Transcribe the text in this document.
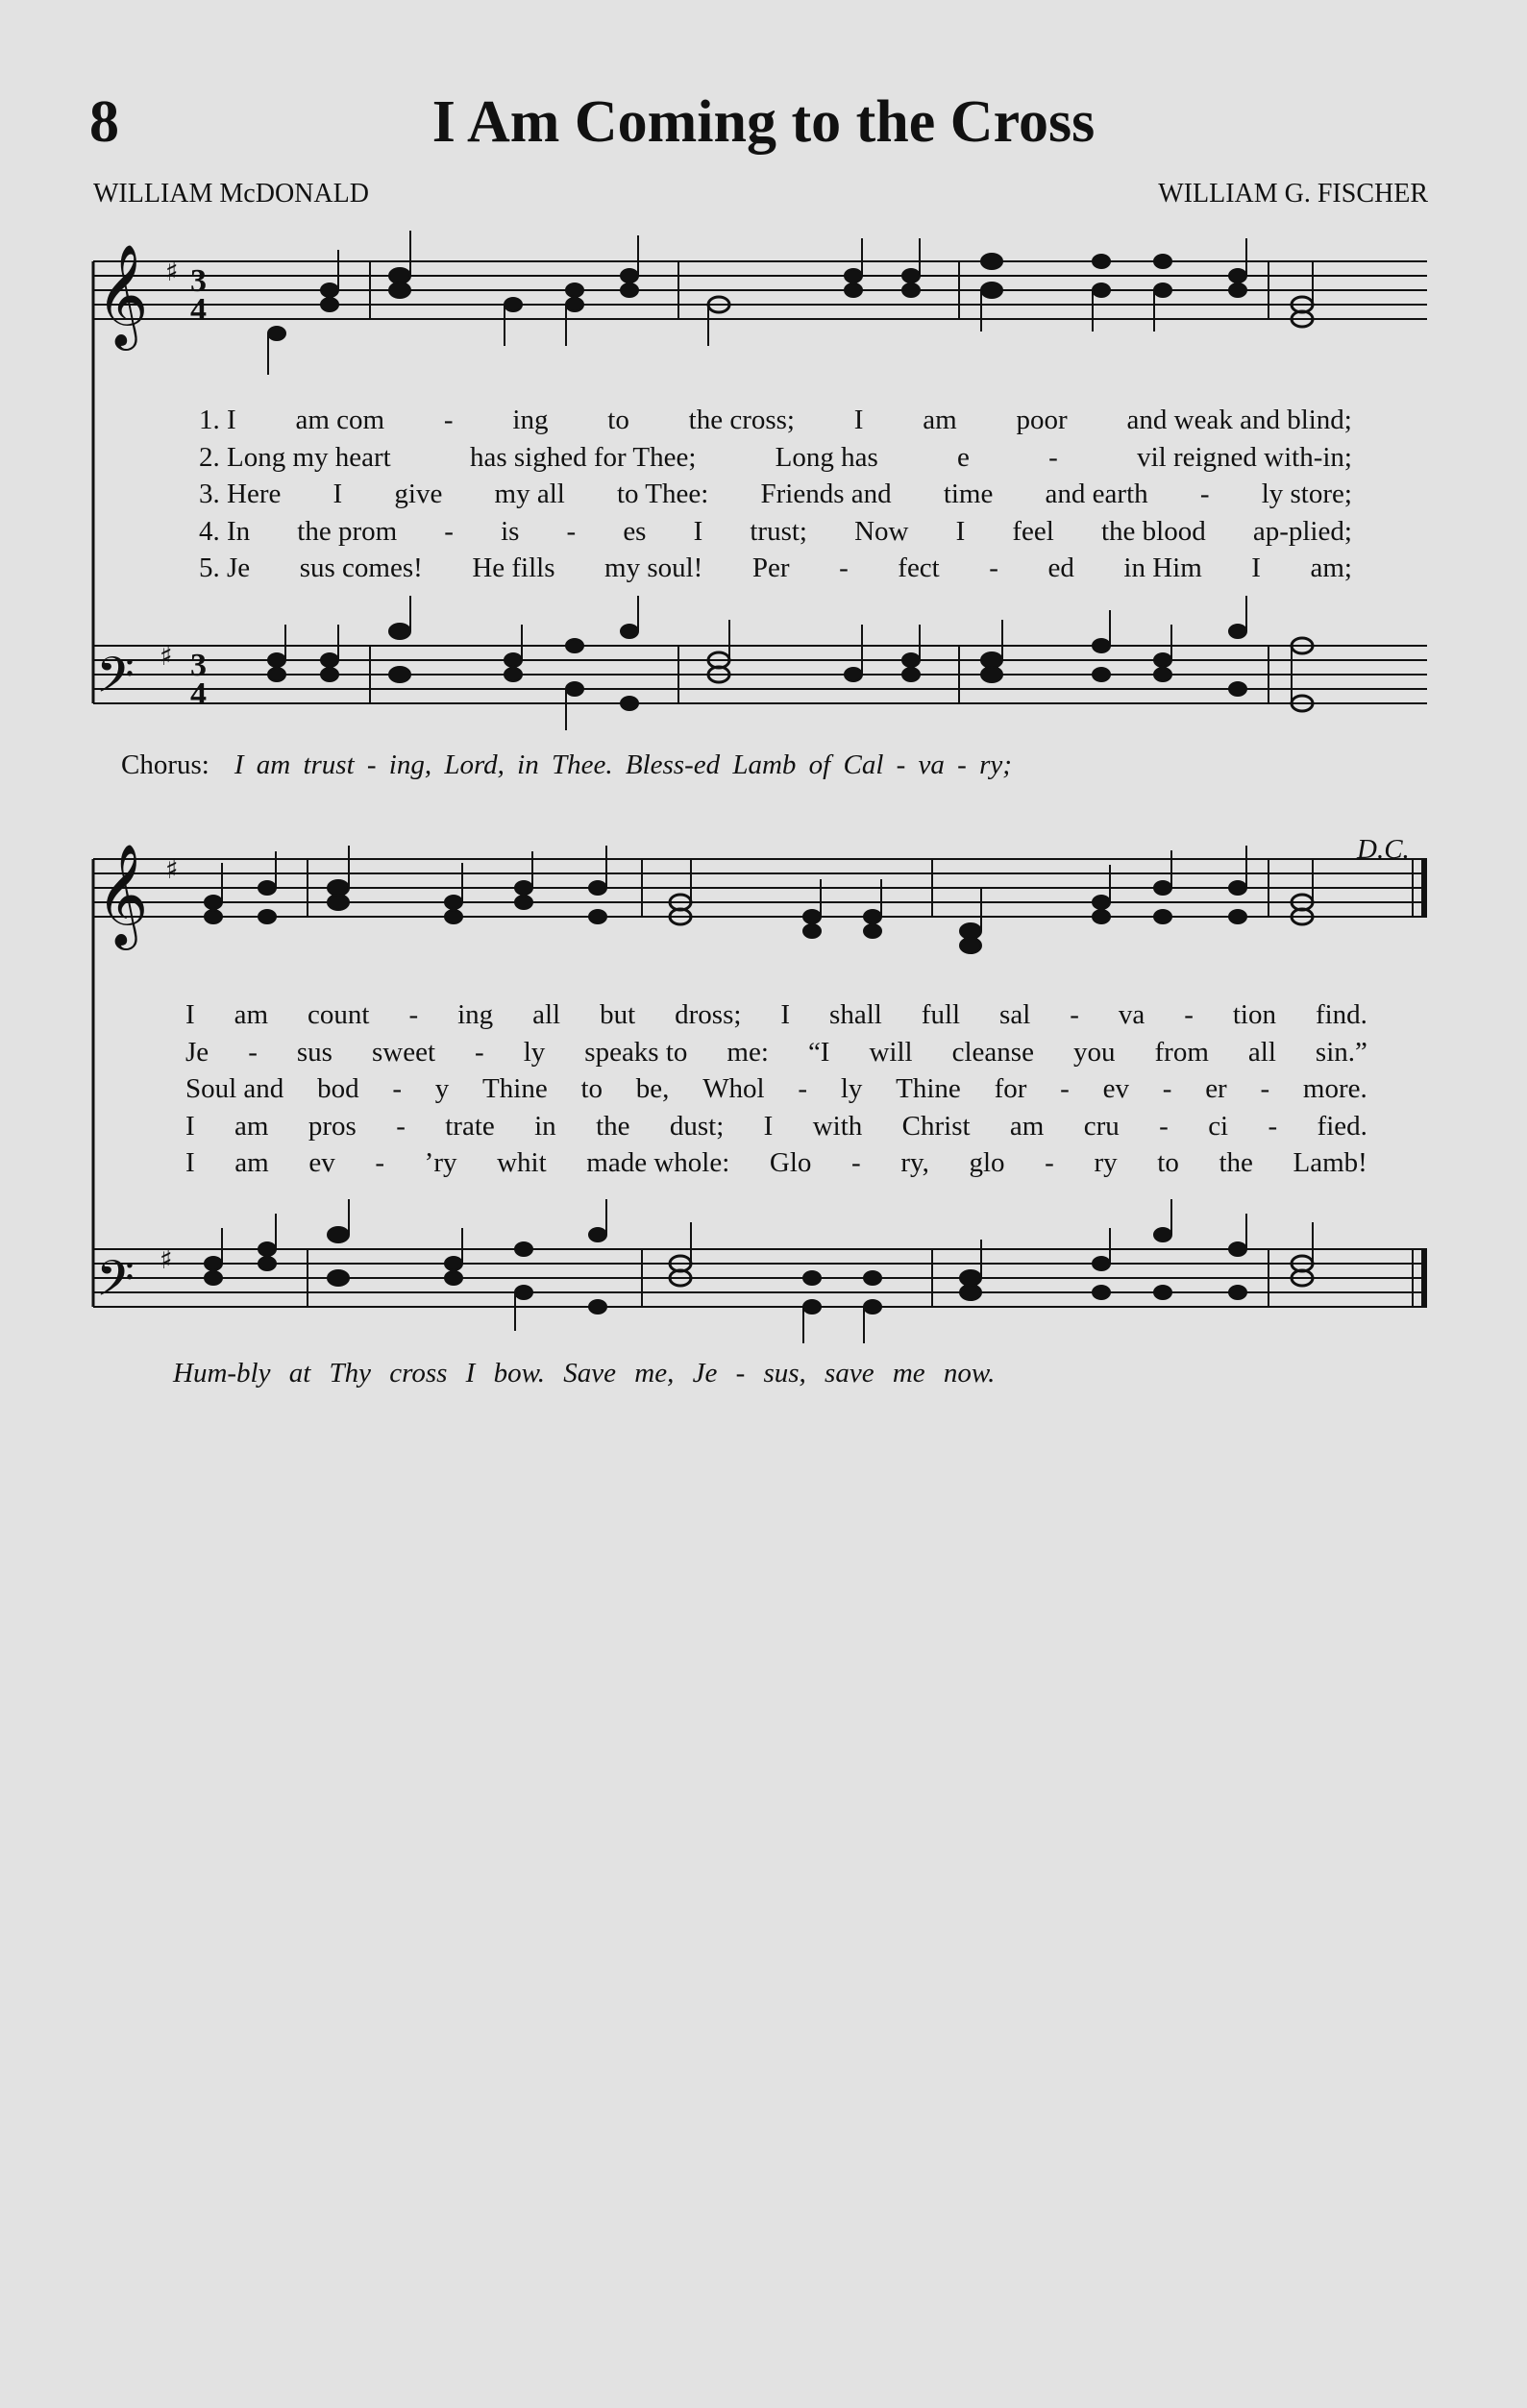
8	I Am Coming to the Cross
WILLIAM McDONALD	WILLIAM G. FISCHER
𝄞
𝄢
𝄞
𝄢
♯
♯
♯
♯
3
4
3
4
1. I am com - ing to the cross; I am poor and weak and blind;
2. Long my heart	has sighed for Thee;	Long has	e	-	vil reigned with-in;
3. Here I give my all to Thee: Friends and time and earth - ly store;
4. In the prom - is - es I trust; Now I feel the blood ap-plied;
5. Je sus comes! He fills my soul! Per - fect - ed in Him I am;
Chorus: I am trust - ing, Lord, in Thee. Bless-ed Lamb of Cal - va - ry;
D.C.
I am count - ing all but dross; I shall full sal - va - tion find.
Je - sus sweet - ly speaks to me: “I will cleanse you from all sin.”
Soul and bod - y Thine to be, Whol - ly Thine for - ev - er - more.
I am pros - trate in the dust; I with Christ am cru - ci - fied.
I am ev - ’ry whit made whole: Glo - ry, glo - ry to the Lamb!
Hum-bly at Thy cross I bow. Save me, Je - sus, save me now.
